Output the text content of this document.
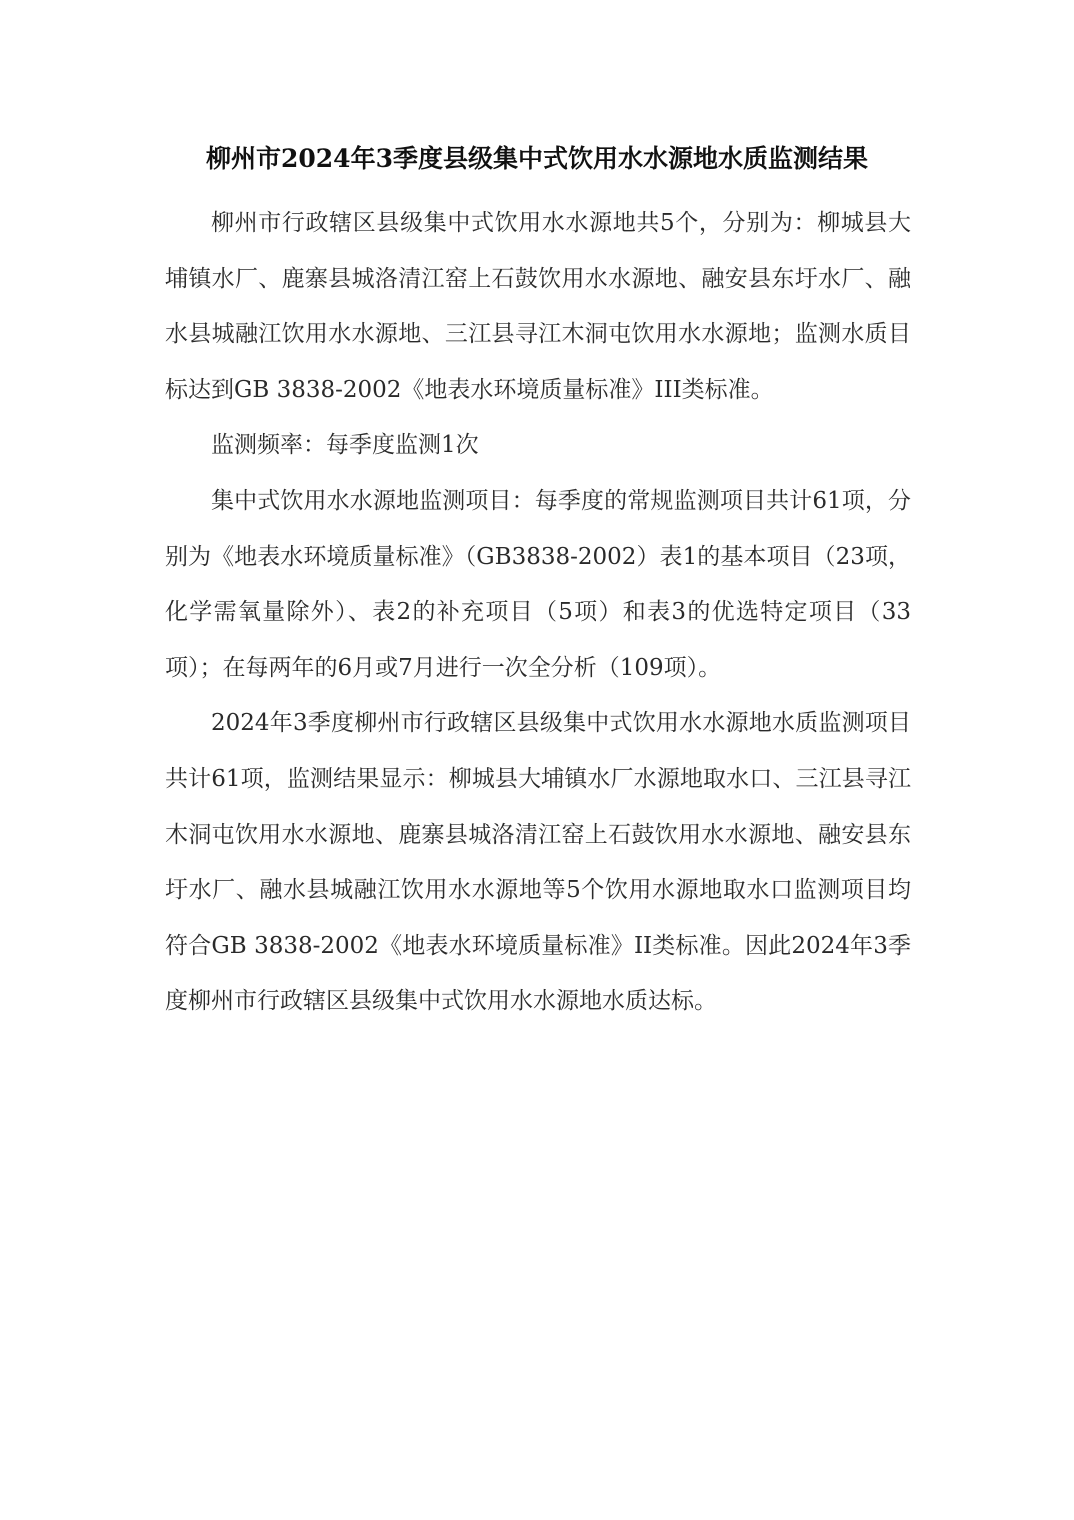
柳州市2024年3季度县级集中式饮用水水源地水质监测结果

柳州市行政辖区县级集中式饮用水水源地共5个，分别为：柳城县大埔镇水厂、鹿寨县城洛清江窑上石鼓饮用水水源地、融安县东圩水厂、融水县城融江饮用水水源地、三江县寻江木洞屯饮用水水源地；监测水质目标达到GB 3838-2002《地表水环境质量标准》III类标准。

监测频率：每季度监测1次

集中式饮用水水源地监测项目：每季度的常规监测项目共计61项，分别为《地表水环境质量标准》（GB3838-2002）表1的基本项目（23项，化学需氧量除外）、表2的补充项目（5项）和表3的优选特定项目（33项）；在每两年的6月或7月进行一次全分析（109项）。

2024年3季度柳州市行政辖区县级集中式饮用水水源地水质监测项目共计61项，监测结果显示：柳城县大埔镇水厂水源地取水口、三江县寻江木洞屯饮用水水源地、鹿寨县城洛清江窑上石鼓饮用水水源地、融安县东圩水厂、融水县城融江饮用水水源地等5个饮用水源地取水口监测项目均符合GB 3838-2002《地表水环境质量标准》II类标准。因此2024年3季度柳州市行政辖区县级集中式饮用水水源地水质达标。
